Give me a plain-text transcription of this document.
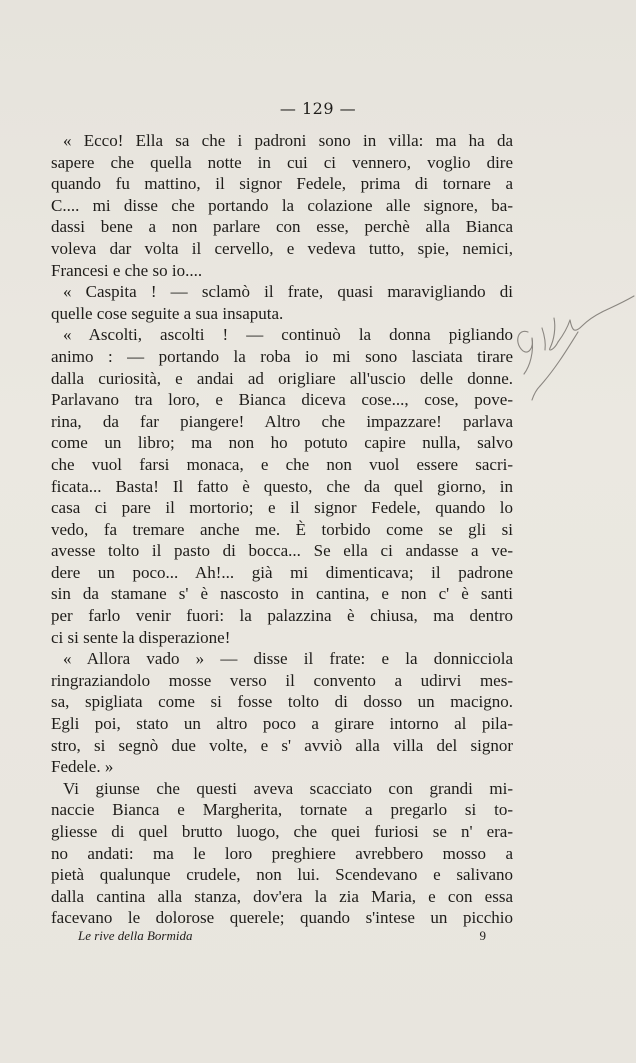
— 129 —
« Ecco! Ella sa che i padroni sono in villa: ma ha da
sapere che quella notte in cui ci vennero, voglio dire
quando fu mattino, il signor Fedele, prima di tornare a
C.... mi disse che portando la colazione alle signore, ba-
dassi bene a non parlare con esse, perchè alla Bianca
voleva dar volta il cervello, e vedeva tutto, spie, nemici,
Francesi e che so io....
« Caspita ! — sclamò il frate, quasi maravigliando di
quelle cose seguite a sua insaputa.
« Ascolti, ascolti ! — continuò la donna pigliando
animo : — portando la roba io mi sono lasciata tirare
dalla curiosità, e andai ad origliare all'uscio delle donne.
Parlavano tra loro, e Bianca diceva cose..., cose, pove-
rina, da far piangere! Altro che impazzare! parlava
come un libro; ma non ho potuto capire nulla, salvo
che vuol farsi monaca, e che non vuol essere sacri-
ficata... Basta! Il fatto è questo, che da quel giorno, in
casa ci pare il mortorio; e il signor Fedele, quando lo
vedo, fa tremare anche me. È torbido come se gli si
avesse tolto il pasto di bocca... Se ella ci andasse a ve-
dere un poco... Ah!... già mi dimenticava; il padrone
sin da stamane s' è nascosto in cantina, e non c' è santi
per farlo venir fuori: la palazzina è chiusa, ma dentro
ci si sente la disperazione!
« Allora vado » — disse il frate: e la donnicciola
ringraziandolo mosse verso il convento a udirvi mes-
sa, spigliata come si fosse tolto di dosso un macigno.
Egli poi, stato un altro poco a girare intorno al pila-
stro, si segnò due volte, e s' avviò alla villa del signor
Fedele. »
Vi giunse che questi aveva scacciato con grandi mi-
naccie Bianca e Margherita, tornate a pregarlo si to-
gliesse di quel brutto luogo, che quei furiosi se n' era-
no andati: ma le loro preghiere avrebbero mosso a
pietà qualunque crudele, non lui. Scendevano e salivano
dalla cantina alla stanza, dov'era la zia Maria, e con essa
facevano le dolorose querele; quando s'intese un picchio
Le rive della Bormida	9
